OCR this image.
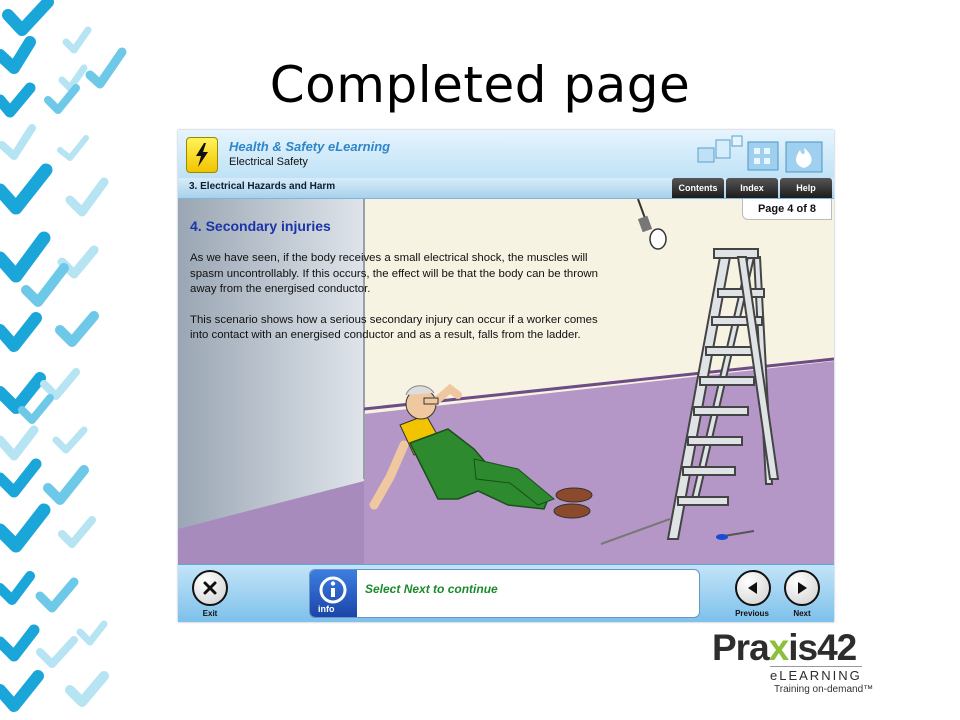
Completed page
Health & Safety eLearning
Electrical Safety
3. Electrical Hazards and Harm	Contents	Index	Help
Page 4 of 8
4. Secondary injuries

As we have seen, if the body receives a small electrical shock, the muscles will spasm uncontrollably. If this occurs, the effect will be that the body can be thrown away from the energised conductor.

This scenario shows how a serious secondary injury can occur if a worker comes into contact with an energised conductor and as a result, falls from the ladder.

Exit	info
Select Next to continue
Previous	Next
Praxis42
eLEARNING
Training on-demand™
